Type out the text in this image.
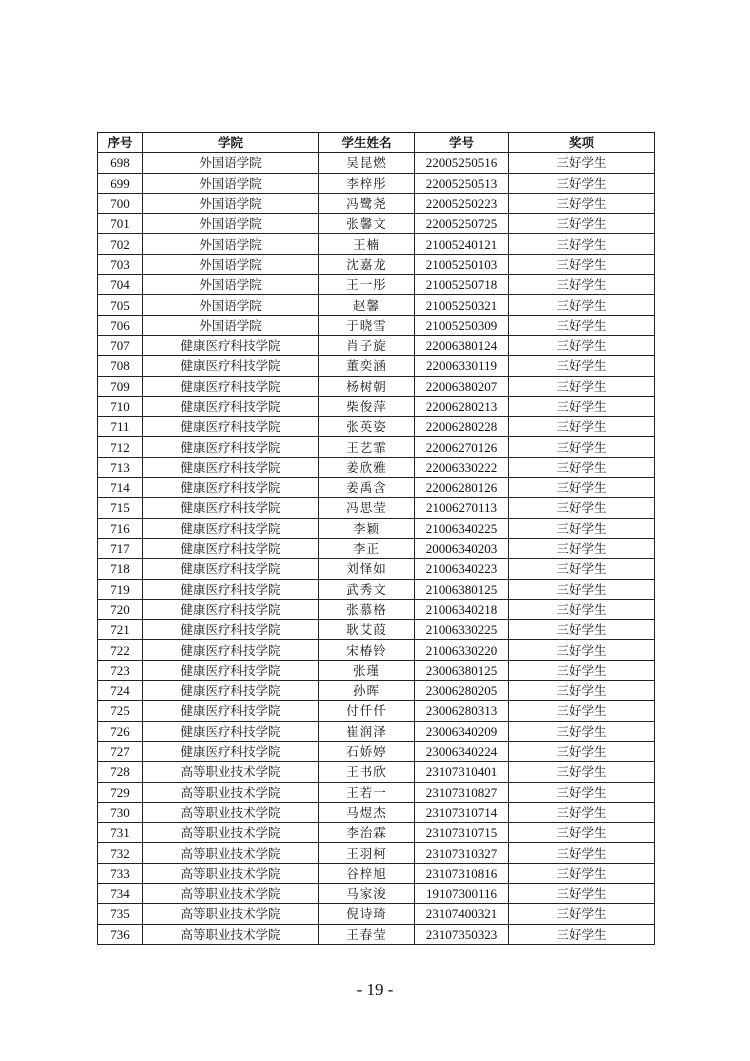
序号	学院	学生姓名	学号	奖项
698	外国语学院	吴昆燃	22005250516	三好学生
699	外国语学院	李梓彤	22005250513	三好学生
700	外国语学院	冯鹭尧	22005250223	三好学生
701	外国语学院	张馨文	22005250725	三好学生
702	外国语学院	王楠	21005240121	三好学生
703	外国语学院	沈嘉龙	21005250103	三好学生
704	外国语学院	王一彤	21005250718	三好学生
705	外国语学院	赵馨	21005250321	三好学生
706	外国语学院	于晓雪	21005250309	三好学生
707	健康医疗科技学院	肖子旋	22006380124	三好学生
708	健康医疗科技学院	董奕涵	22006330119	三好学生
709	健康医疗科技学院	杨树朝	22006380207	三好学生
710	健康医疗科技学院	柴俊萍	22006280213	三好学生
711	健康医疗科技学院	张英姿	22006280228	三好学生
712	健康医疗科技学院	王艺霏	22006270126	三好学生
713	健康医疗科技学院	姜欣雅	22006330222	三好学生
714	健康医疗科技学院	姜禹含	22006280126	三好学生
715	健康医疗科技学院	冯思莹	21006270113	三好学生
716	健康医疗科技学院	李颖	21006340225	三好学生
717	健康医疗科技学院	李正	20006340203	三好学生
718	健康医疗科技学院	刘怿如	21006340223	三好学生
719	健康医疗科技学院	武秀文	21006380125	三好学生
720	健康医疗科技学院	张慕格	21006340218	三好学生
721	健康医疗科技学院	耿艾葭	21006330225	三好学生
722	健康医疗科技学院	宋椿铃	21006330220	三好学生
723	健康医疗科技学院	张瑾	23006380125	三好学生
724	健康医疗科技学院	孙晖	23006280205	三好学生
725	健康医疗科技学院	付仟仟	23006280313	三好学生
726	健康医疗科技学院	崔润泽	23006340209	三好学生
727	健康医疗科技学院	石娇婷	23006340224	三好学生
728	高等职业技术学院	王书欣	23107310401	三好学生
729	高等职业技术学院	王若一	23107310827	三好学生
730	高等职业技术学院	马煜杰	23107310714	三好学生
731	高等职业技术学院	李治霖	23107310715	三好学生
732	高等职业技术学院	王羽柯	23107310327	三好学生
733	高等职业技术学院	谷梓旭	23107310816	三好学生
734	高等职业技术学院	马家浚	19107300116	三好学生
735	高等职业技术学院	倪诗琦	23107400321	三好学生
736	高等职业技术学院	王春莹	23107350323	三好学生
- 19 -
